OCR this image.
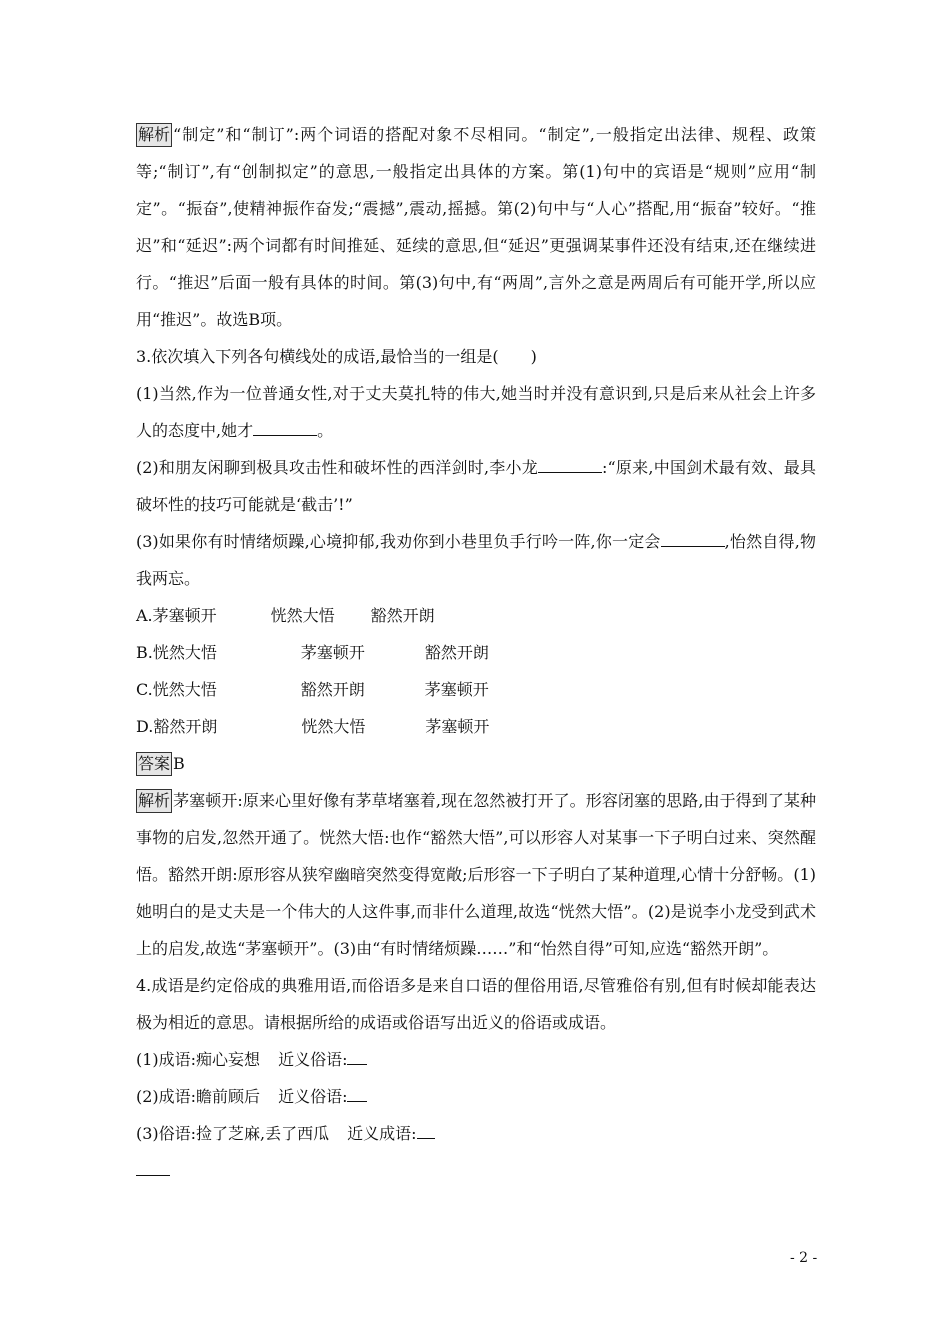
解析 “制定”和“制订”:两个词语的搭配对象不尽相同。“制定”,一般指定出法律、规程、政策等;“制订”,有“创制拟定”的意思,一般指定出具体的方案。第(1)句中的宾语是“规则”应用“制定”。“振奋”,使精神振作奋发;“震撼”,震动,摇撼。第(2)句中与“人心”搭配,用“振奋”较好。“推迟”和“延迟”:两个词都有时间推延、延续的意思,但“延迟”更强调某事件还没有结束,还在继续进行。“推迟”后面一般有具体的时间。第(3)句中,有“两周”,言外之意是两周后有可能开学,所以应用“推迟”。故选B项。

3.依次填入下列各句横线处的成语,最恰当的一组是(　　)

(1)当然,作为一位普通女性,对于丈夫莫扎特的伟大,她当时并没有意识到,只是后来从社会上许多人的态度中,她才	。

(2)和朋友闲聊到极具攻击性和破坏性的西洋剑时,李小龙	:“原来,中国剑术最有效、最具破坏性的技巧可能就是‘截击’!”

(3)如果你有时情绪烦躁,心境抑郁,我劝你到小巷里负手行吟一阵,你一定会	,怡然自得,物我两忘。

A. 茅塞顿开	恍然大悟	豁然开朗
B. 恍然大悟	茅塞顿开	豁然开朗
C. 恍然大悟	豁然开朗	茅塞顿开
D. 豁然开朗	恍然大悟	茅塞顿开

答案 B

解析 茅塞顿开:原来心里好像有茅草堵塞着,现在忽然被打开了。形容闭塞的思路,由于得到了某种事物的启发,忽然开通了。恍然大悟:也作“豁然大悟”,可以形容人对某事一下子明白过来、突然醒悟。豁然开朗:原形容从狭窄幽暗突然变得宽敞;后形容一下子明白了某种道理,心情十分舒畅。(1)她明白的是丈夫是一个伟大的人这件事,而非什么道理,故选“恍然大悟”。(2)是说李小龙受到武术上的启发,故选“茅塞顿开”。(3)由“有时情绪烦躁……”和“怡然自得”可知,应选“豁然开朗”。

4.成语是约定俗成的典雅用语,而俗语多是来自口语的俚俗用语,尽管雅俗有别,但有时候却能表达极为相近的意思。请根据所给的成语或俗语写出近义的俗语或成语。

(1)成语:痴心妄想 近义俗语:

(2)成语:瞻前顾后 近义俗语:

(3)俗语:捡了芝麻,丢了西瓜 近义成语:

- 2 -
